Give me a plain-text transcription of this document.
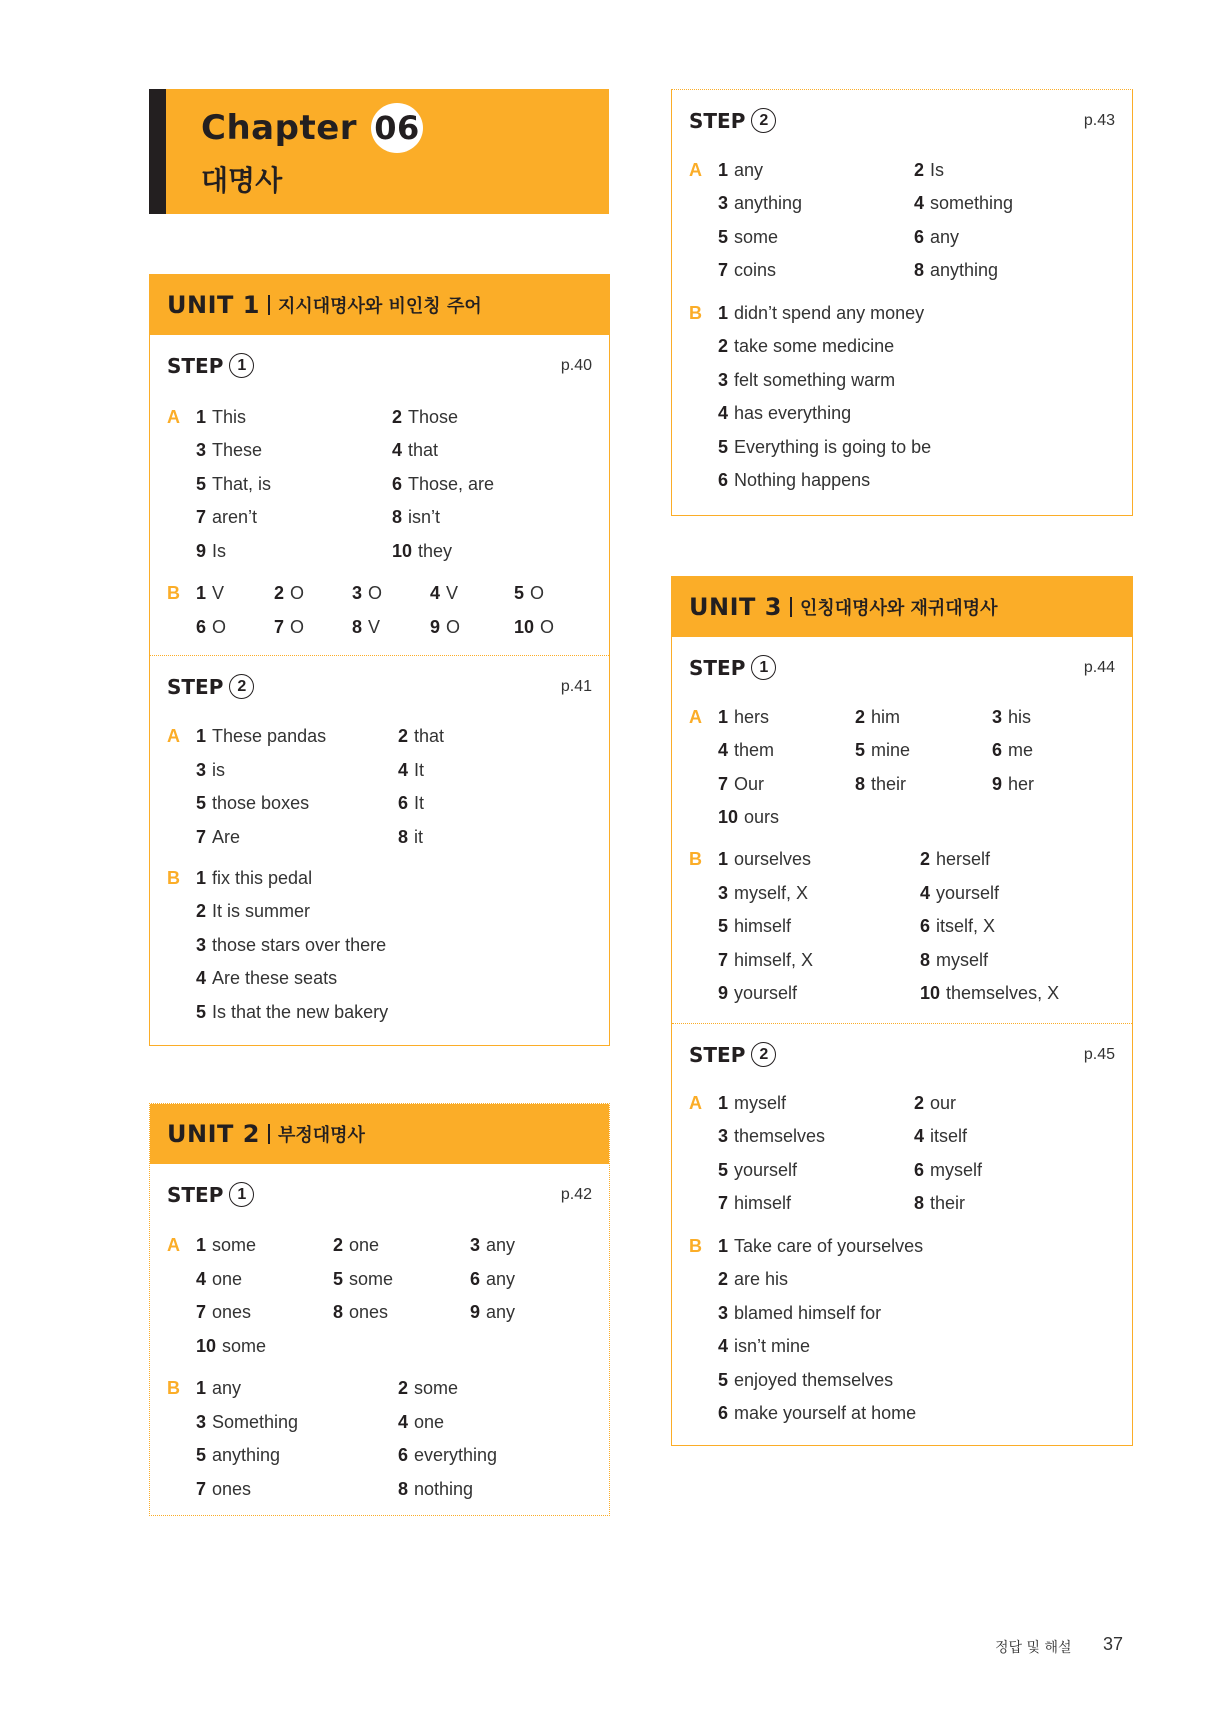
Chapter 06
대명사
UNIT 1 지시대명사와 비인칭 주어
STEP 1	p.40
A 1 This	2 Those
3 These	4 that
5 That, is	6 Those, are
7 aren’t	8 isn’t
9 Is	10 they
B 1 V	2 O	3 O	4 V	5 O
6 O	7 O	8 V	9 O	10 O
STEP 2	p.41
A 1 These pandas	2 that
3 is	4 It
5 those boxes	6 It
7 Are	8 it
B 1 fix this pedal
2 It is summer
3 those stars over there
4 Are these seats
5 Is that the new bakery
UNIT 2 부정대명사
STEP 1	p.42
A 1 some	2 one	3 any
4 one	5 some	6 any
7 ones	8 ones	9 any
10 some
B 1 any	2 some
3 Something	4 one
5 anything	6 everything
7 ones	8 nothing
STEP 2	p.43
A 1 any	2 Is
3 anything	4 something
5 some	6 any
7 coins	8 anything
B 1 didn’t spend any money
2 take some medicine
3 felt something warm
4 has everything
5 Everything is going to be
6 Nothing happens
UNIT 3 인칭대명사와 재귀대명사
STEP 1	p.44
A 1 hers	2 him	3 his
4 them	5 mine	6 me
7 Our	8 their	9 her
10 ours
B 1 ourselves	2 herself
3 myself, X	4 yourself
5 himself	6 itself, X
7 himself, X	8 myself
9 yourself	10 themselves, X
STEP 2	p.45
A 1 myself	2 our
3 themselves	4 itself
5 yourself	6 myself
7 himself	8 their
B 1 Take care of yourselves
2 are his
3 blamed himself for
4 isn’t mine
5 enjoyed themselves
6 make yourself at home
정답 및 해설 37
